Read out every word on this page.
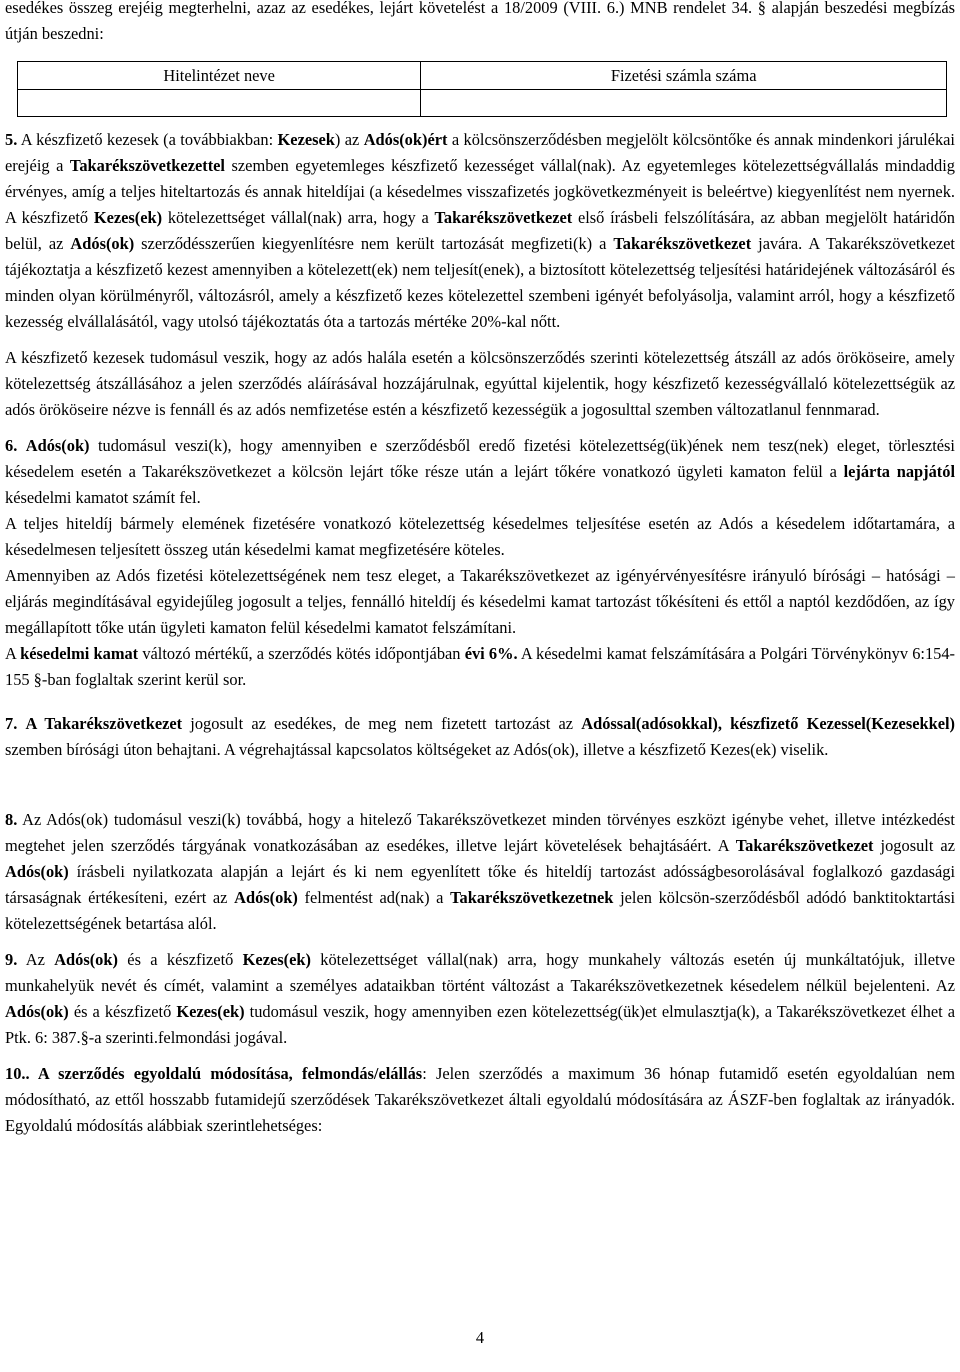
esedékes összeg erejéig megterhelni, azaz az esedékes, lejárt követelést a 18/2009 (VIII. 6.) MNB rendelet 34. § alapján beszedési megbízás útján beszedni:

Hitelintézet neve	Fizetési számla száma

5. A készfizető kezesek (a továbbiakban: Kezesek) az Adós(ok)ért a kölcsönszerződésben megjelölt kölcsöntőke és annak mindenkori járulékai erejéig a Takarékszövetkezettel szemben egyetemleges készfizető kezességet vállal(nak). Az egyetemleges kötelezettségvállalás mindaddig érvényes, amíg a teljes hiteltartozás és annak hiteldíjai (a késedelmes visszafizetés jogkövetkezményeit is beleértve) kiegyenlítést nem nyernek. A készfizető Kezes(ek) kötelezettséget vállal(nak) arra, hogy a Takarékszövetkezet első írásbeli felszólítására, az abban megjelölt határidőn belül, az Adós(ok) szerződésszerűen kiegyenlítésre nem került tartozását megfizeti(k) a Takarékszövetkezet javára. A Takarékszövetkezet tájékoztatja a készfizető kezest amennyiben a kötelezett(ek) nem teljesít(enek), a biztosított kötelezettség teljesítési határidejének változásáról és minden olyan körülményről, változásról, amely a készfizető kezes kötelezettel szembeni igényét befolyásolja, valamint arról, hogy a készfizető kezesség elvállalásától, vagy utolsó tájékoztatás óta a tartozás mértéke 20%-kal nőtt.

A készfizető kezesek tudomásul veszik, hogy az adós halála esetén a kölcsönszerződés szerinti kötelezettség átszáll az adós örököseire, amely kötelezettség átszállásához a jelen szerződés aláírásával hozzájárulnak, egyúttal kijelentik, hogy készfizető kezességvállaló kötelezettségük az adós örököseire nézve is fennáll és az adós nemfizetése estén a készfizető kezességük a jogosulttal szemben változatlanul fennmarad.

6. Adós(ok) tudomásul veszi(k), hogy amennyiben e szerződésből eredő fizetési kötelezettség(ük)ének nem tesz(nek) eleget, törlesztési késedelem esetén a Takarékszövetkezet a kölcsön lejárt tőke része után a lejárt tőkére vonatkozó ügyleti kamaton felül a lejárta napjától késedelmi kamatot számít fel.

A teljes hiteldíj bármely elemének fizetésére vonatkozó kötelezettség késedelmes teljesítése esetén az Adós a késedelem időtartamára, a késedelmesen teljesített összeg után késedelmi kamat megfizetésére köteles.

Amennyiben az Adós fizetési kötelezettségének nem tesz eleget, a Takarékszövetkezet az igényérvényesítésre irányuló bírósági – hatósági – eljárás megindításával egyidejűleg jogosult a teljes, fennálló hiteldíj és késedelmi kamat tartozást tőkésíteni és ettől a naptól kezdődően, az így megállapított tőke után ügyleti kamaton felül késedelmi kamatot felszámítani.

A késedelmi kamat változó mértékű, a szerződés kötés időpontjában évi 6%. A késedelmi kamat felszámítására a Polgári Törvénykönyv 6:154-155 §-ban foglaltak szerint kerül sor.

7. A Takarékszövetkezet jogosult az esedékes, de meg nem fizetett tartozást az Adóssal(adósokkal), készfizető Kezessel(Kezesekkel) szemben bírósági úton behajtani. A végrehajtással kapcsolatos költségeket az Adós(ok), illetve a készfizető Kezes(ek) viselik.

8. Az Adós(ok) tudomásul veszi(k) továbbá, hogy a hitelező Takarékszövetkezet minden törvényes eszközt igénybe vehet, illetve intézkedést megtehet jelen szerződés tárgyának vonatkozásában az esedékes, illetve lejárt követelések behajtásáért. A Takarékszövetkezet jogosult az Adós(ok) írásbeli nyilatkozata alapján a lejárt és ki nem egyenlített tőke és hiteldíj tartozást adósságbesorolásával foglalkozó gazdasági társaságnak értékesíteni, ezért az Adós(ok) felmentést ad(nak) a Takarékszövetkezetnek jelen kölcsön-szerződésből adódó banktitoktartási kötelezettségének betartása alól.

9. Az Adós(ok) és a készfizető Kezes(ek) kötelezettséget vállal(nak) arra, hogy munkahely változás esetén új munkáltatójuk, illetve munkahelyük nevét és címét, valamint a személyes adataikban történt változást a Takarékszövetkezetnek késedelem nélkül bejelenteni. Az Adós(ok) és a készfizető Kezes(ek) tudomásul veszik, hogy amennyiben ezen kötelezettség(ük)et elmulasztja(k), a Takarékszövetkezet élhet a Ptk. 6: 387.§-a szerinti.felmondási jogával.

10.. A szerződés egyoldalú módosítása, felmondás/elállás: Jelen szerződés a maximum 36 hónap futamidő esetén egyoldalúan nem módosítható, az ettől hosszabb futamidejű szerződések Takarékszövetkezet általi egyoldalú módosítására az ÁSZF-ben foglaltak az irányadók. Egyoldalú módosítás alábbiak szerintlehetséges:

4
